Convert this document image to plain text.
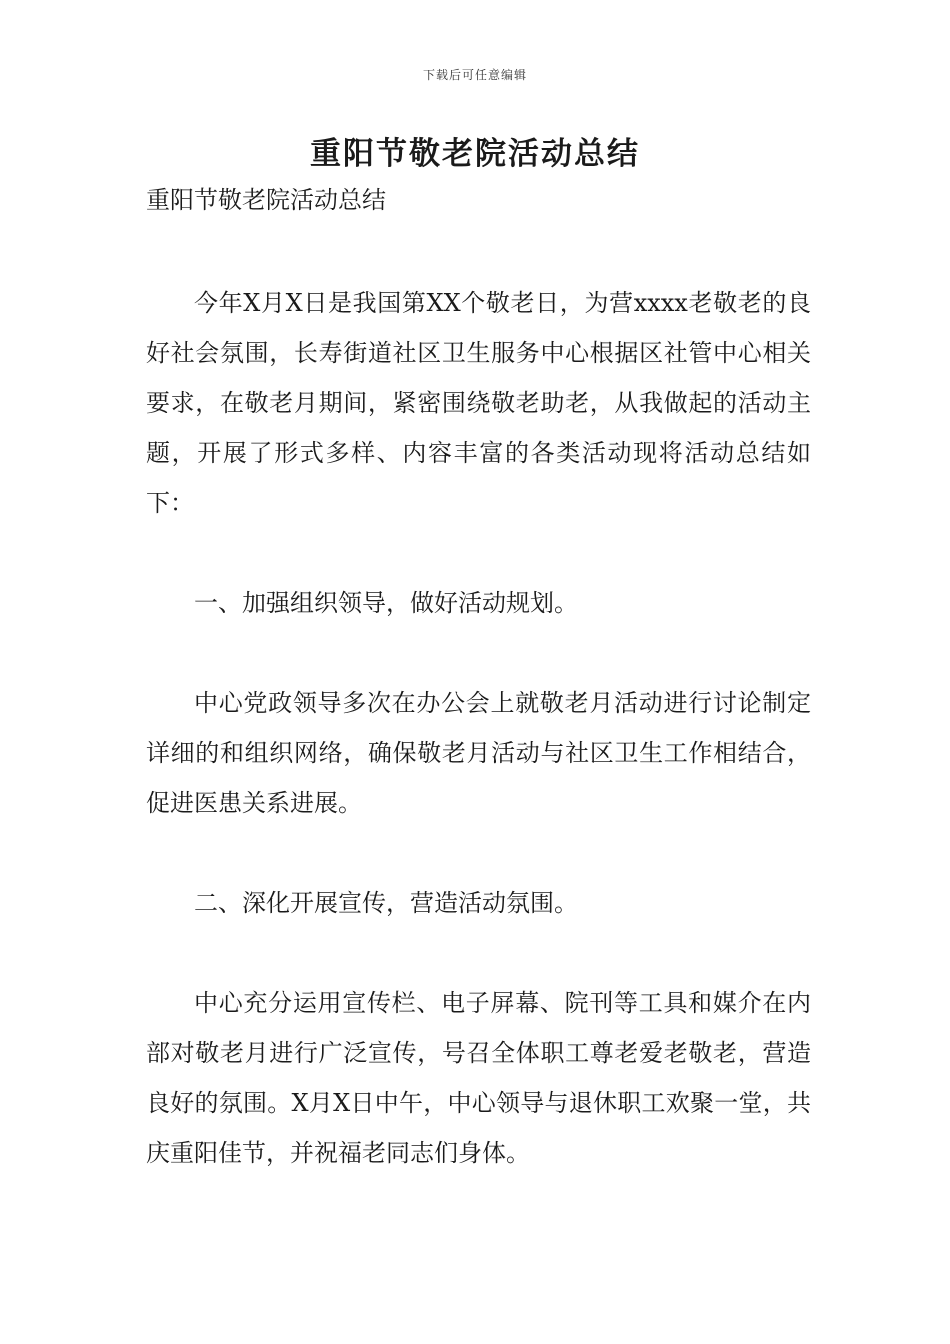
下载后可任意编辑
重阳节敬老院活动总结

重阳节敬老院活动总结

今年X月X日是我国第XX个敬老日，为营xxxx老敬老的良好社会氛围，长寿街道社区卫生服务中心根据区社管中心相关要求，在敬老月期间，紧密围绕敬老助老，从我做起的活动主题，开展了形式多样、内容丰富的各类活动现将活动总结如下：

一、加强组织领导，做好活动规划。

中心党政领导多次在办公会上就敬老月活动进行讨论制定详细的和组织网络，确保敬老月活动与社区卫生工作相结合，促进医患关系进展。

二、深化开展宣传，营造活动氛围。

中心充分运用宣传栏、电子屏幕、院刊等工具和媒介在内部对敬老月进行广泛宣传，号召全体职工尊老爱老敬老，营造良好的氛围。X月X日中午，中心领导与退休职工欢聚一堂，共庆重阳佳节，并祝福老同志们身体。
